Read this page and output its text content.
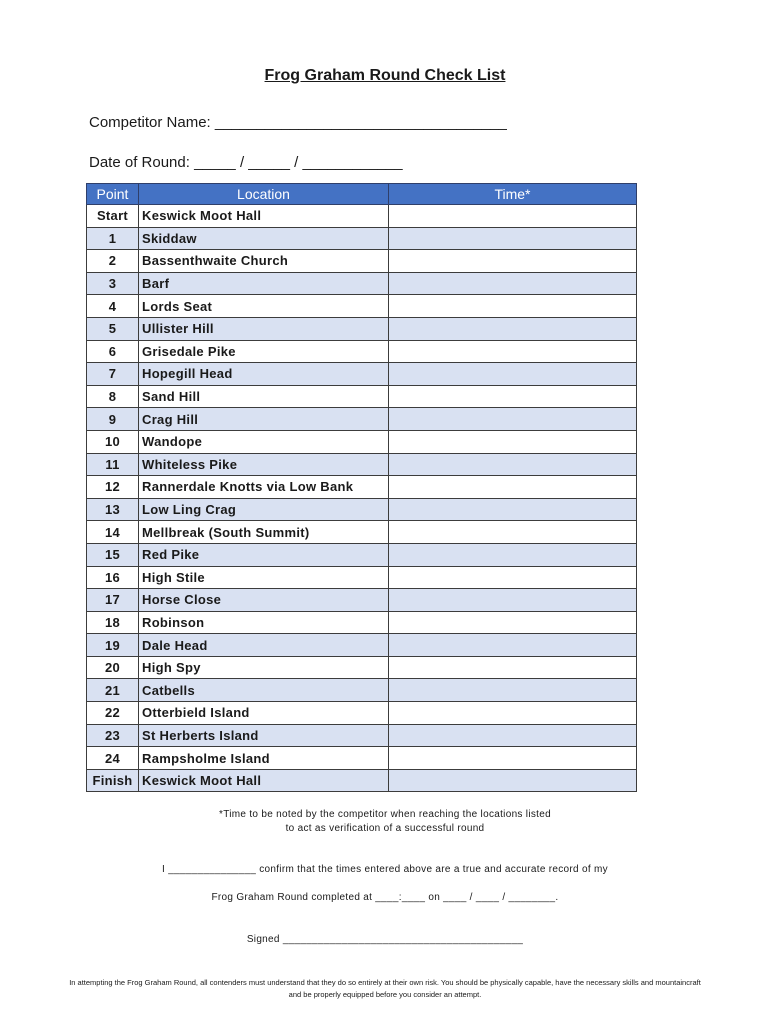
Frog Graham Round Check List
Competitor Name: ___________________________________
Date of Round: _____ / _____ / ____________
Point	Location	Time*
Start	Keswick Moot Hall	
1	Skiddaw	
2	Bassenthwaite Church	
3	Barf	
4	Lords Seat	
5	Ullister Hill	
6	Grisedale Pike	
7	Hopegill Head	
8	Sand Hill	
9	Crag Hill	
10	Wandope	
11	Whiteless Pike	
12	Rannerdale Knotts via Low Bank	
13	Low Ling Crag	
14	Mellbreak (South Summit)	
15	Red Pike	
16	High Stile	
17	Horse Close	
18	Robinson	
19	Dale Head	
20	High Spy	
21	Catbells	
22	Otterbield Island	
23	St Herberts Island	
24	Rampsholme Island	
Finish	Keswick Moot Hall	
*Time to be noted by the competitor when reaching the locations listed
to act as verification of a successful round
I _______________ confirm that the times entered above are a true and accurate record of my
Frog Graham Round completed at ____:____ on ____ / ____ / ________.
Signed _________________________________________
In attempting the Frog Graham Round, all contenders must understand that they do so entirely at their own risk. You should be physically capable, have the necessary skills and mountaincraft
and be properly equipped before you consider an attempt.
